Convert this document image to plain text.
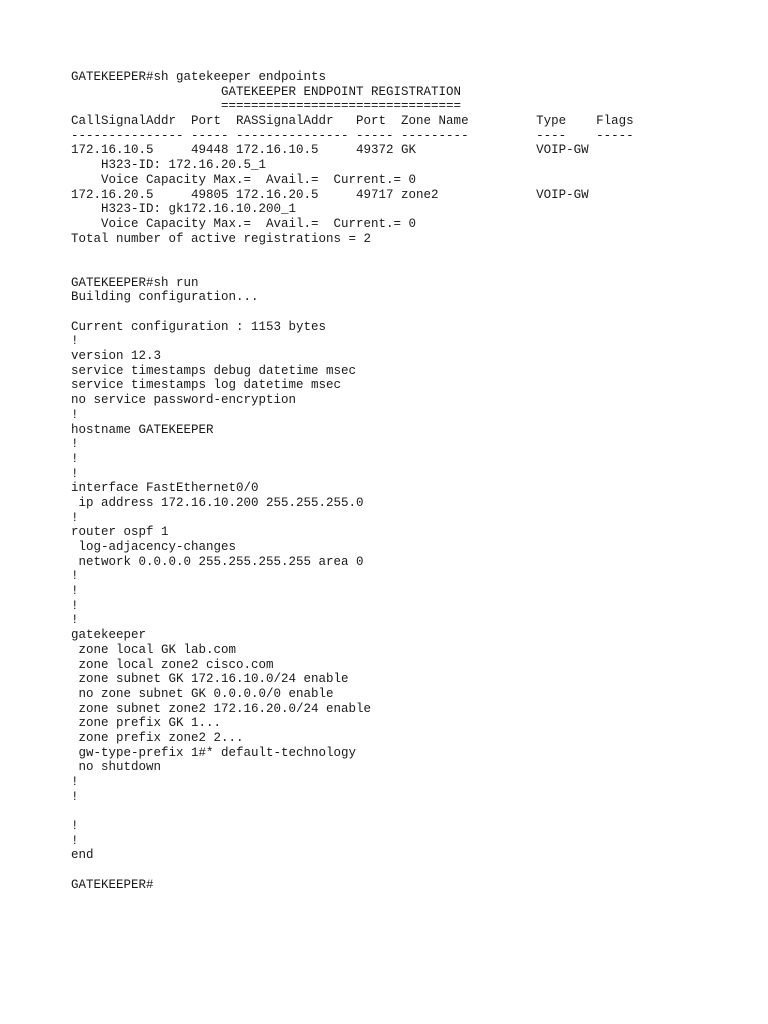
GATEKEEPER#sh gatekeeper endpoints
GATEKEEPER ENDPOINT REGISTRATION
================================
CallSignalAddr  Port  RASSignalAddr   Port  Zone Name         Type    Flags
--------------- ----- --------------- ----- ---------         ----    -----
172.16.10.5     49448 172.16.10.5     49372 GK                VOIP-GW
H323-ID: 172.16.20.5_1
Voice Capacity Max.=  Avail.=  Current.= 0
172.16.20.5     49805 172.16.20.5     49717 zone2             VOIP-GW
H323-ID: gk172.16.10.200_1
Voice Capacity Max.=  Avail.=  Current.= 0
Total number of active registrations = 2
GATEKEEPER#sh run
Building configuration...
Current configuration : 1153 bytes
!
version 12.3
service timestamps debug datetime msec
service timestamps log datetime msec
no service password-encryption
!
hostname GATEKEEPER
!
!
!
interface FastEthernet0/0
ip address 172.16.10.200 255.255.255.0
!
router ospf 1
log-adjacency-changes
network 0.0.0.0 255.255.255.255 area 0
!
!
!
!
gatekeeper
zone local GK lab.com
zone local zone2 cisco.com
zone subnet GK 172.16.10.0/24 enable
no zone subnet GK 0.0.0.0/0 enable
zone subnet zone2 172.16.20.0/24 enable
zone prefix GK 1...
zone prefix zone2 2...
gw-type-prefix 1#* default-technology
no shutdown
!
!
!
!
end
GATEKEEPER#
